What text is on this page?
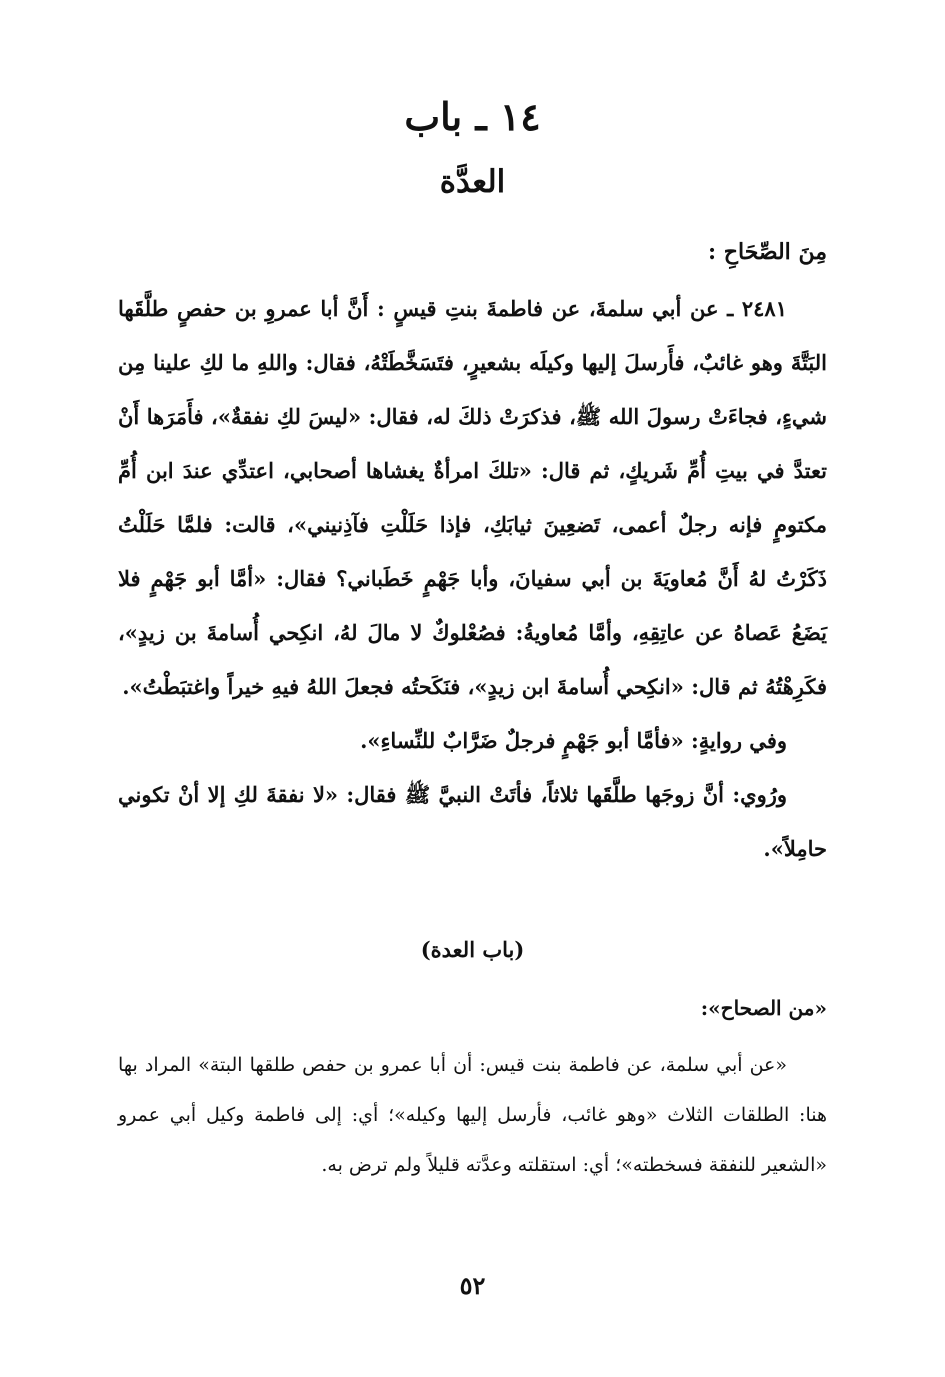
١٤ ـ باب
العدَّة
مِنَ الصِّحَاحِ :

٢٤٨١ ـ عن أبي سلمةَ، عن فاطمةَ بنتِ قيسٍ : أَنَّ أبا عمروِ بن حفصٍ طلَّقَها البَتَّةَ وهو غائبٌ، فأَرسلَ إليها وكيلَه بشعيرٍ، فتَسَخَّطَتْهُ، فقال: واللهِ ما لكِ علينا مِن شيءٍ، فجاءَتْ رسولَ الله ﷺ، فذكرَتْ ذلكَ له، فقال: «ليسَ لكِ نفقةٌ»، فأَمَرَها أَنْ تعتدَّ في بيتِ أُمِّ شَريكٍ، ثم قال: «تلكَ امرأةٌ يغشاها أصحابي، اعتدِّي عندَ ابن أُمِّ مكتومٍ فإنه رجلٌ أعمى، تَضعِينَ ثيابَكِ، فإذا حَلَلْتِ فآذِنيني»، قالت: فلمَّا حَلَلْتُ ذَكَرْتُ لهُ أَنَّ مُعاويَةَ بن أبي سفيانَ، وأبا جَهْمٍ خَطَباني؟ فقال: «أمَّا أبو جَهْمٍ فلا يَضَعُ عَصاهُ عن عاتِقِهِ، وأمَّا مُعاويةُ: فصُعْلوكٌ لا مالَ لهُ، انكِحي أُسامةَ بن زيدٍ»، فكَرِهْتُهُ ثم قال: «انكِحي أُسامةَ ابن زيدٍ»، فنَكَحتُه فجعلَ اللهُ فيهِ خيراً واغتبَطْتُ».

وفي روايةٍ: «فأمَّا أبو جَهْمٍ فرجلٌ ضَرَّابٌ للنِّساءِ».

ورُوي: أنَّ زوجَها طلَّقَها ثلاثاً، فأتَتْ النبيَّ ﷺ فقال: «لا نفقةَ لكِ إلا أنْ تكوني حامِلاً».

(باب العدة)
«من الصحاح»:

«عن أبي سلمة، عن فاطمة بنت قيس: أن أبا عمرو بن حفص طلقها البتة» المراد بها هنا: الطلقات الثلاث «وهو غائب، فأرسل إليها وكيله»؛ أي: إلى فاطمة وكيل أبي عمرو «الشعير للنفقة فسخطته»؛ أي: استقلته وعدَّته قليلاً ولم ترض به.

٥٢
